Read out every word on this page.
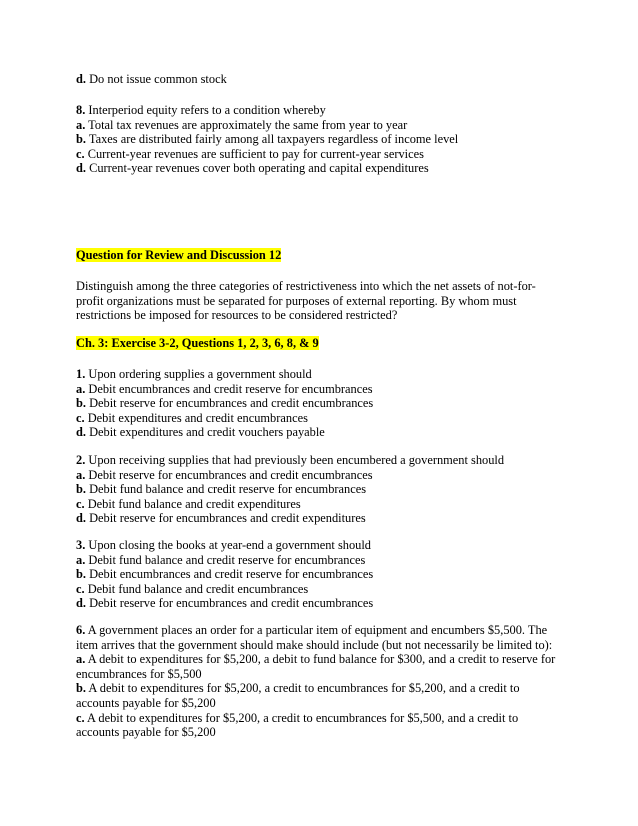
d. Do not issue common stock
8. Interperiod equity refers to a condition whereby
a. Total tax revenues are approximately the same from year to year
b. Taxes are distributed fairly among all taxpayers regardless of income level
c. Current-year revenues are sufficient to pay for current-year services
d. Current-year revenues cover both operating and capital expenditures
Question for Review and Discussion 12
Distinguish among the three categories of restrictiveness into which the net assets of not-for-
profit organizations must be separated for purposes of external reporting. By whom must
restrictions be imposed for resources to be considered restricted?
Ch. 3: Exercise 3-2, Questions 1, 2, 3, 6, 8, & 9
1. Upon ordering supplies a government should
a. Debit encumbrances and credit reserve for encumbrances
b. Debit reserve for encumbrances and credit encumbrances
c. Debit expenditures and credit encumbrances
d. Debit expenditures and credit vouchers payable
2. Upon receiving supplies that had previously been encumbered a government should
a. Debit reserve for encumbrances and credit encumbrances
b. Debit fund balance and credit reserve for encumbrances
c. Debit fund balance and credit expenditures
d. Debit reserve for encumbrances and credit expenditures
3. Upon closing the books at year-end a government should
a. Debit fund balance and credit reserve for encumbrances
b. Debit encumbrances and credit reserve for encumbrances
c. Debit fund balance and credit encumbrances
d. Debit reserve for encumbrances and credit encumbrances
6. A government places an order for a particular item of equipment and encumbers $5,500. The
item arrives that the government should make should include (but not necessarily be limited to):
a. A debit to expenditures for $5,200, a debit to fund balance for $300, and a credit to reserve for
encumbrances for $5,500
b. A debit to expenditures for $5,200, a credit to encumbrances for $5,200, and a credit to
accounts payable for $5,200
c. A debit to expenditures for $5,200, a credit to encumbrances for $5,500, and a credit to
accounts payable for $5,200
